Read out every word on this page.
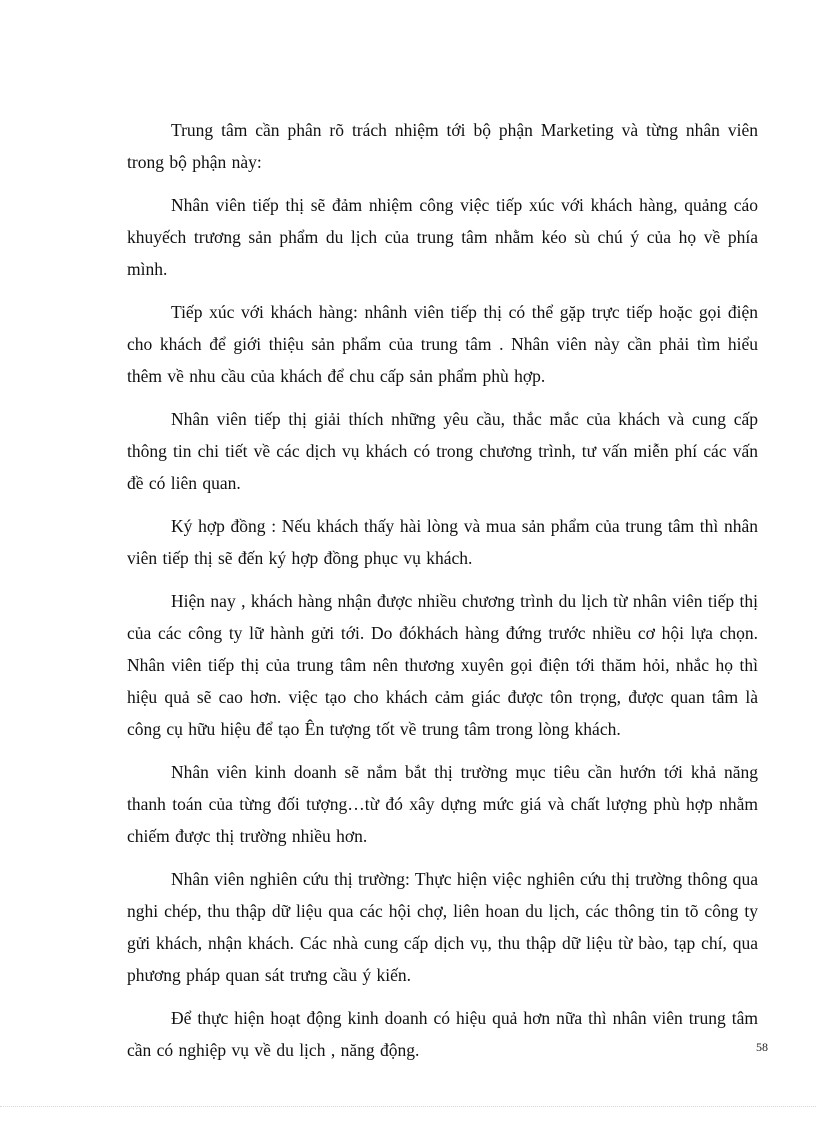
Trung tâm cần phân rõ trách nhiệm tới bộ phận Marketing và từng nhân viên trong bộ phận này:

Nhân viên tiếp thị sẽ đảm nhiệm công việc tiếp xúc với khách hàng, quảng cáo khuyếch trương sản phẩm du lịch của trung tâm nhằm kéo sù chú ý của họ về phía mình.

Tiếp xúc với khách hàng: nhânh viên tiếp thị có thể gặp trực tiếp hoặc gọi điện cho khách để giới thiệu sản phẩm của trung tâm . Nhân viên này cần phải tìm hiểu thêm về nhu cầu của khách để chu cấp sản phẩm phù hợp.

Nhân viên tiếp thị giải thích những yêu cầu, thắc mắc của khách và cung cấp thông tin chi tiết về các dịch vụ khách có trong chương trình, tư vấn miễn phí các vấn đề có liên quan.

Ký hợp đồng : Nếu khách thấy hài lòng và mua sản phẩm của trung tâm thì nhân viên tiếp thị sẽ đến ký hợp đồng phục vụ khách.

Hiện nay , khách hàng nhận được nhiều chương trình du lịch từ nhân viên tiếp thị của các công ty lữ hành gửi tới. Do đókhách hàng đứng trước nhiều cơ hội lựa chọn. Nhân viên tiếp thị của trung tâm nên thương xuyên gọi điện tới thăm hỏi, nhắc họ thì hiệu quả sẽ cao hơn. việc tạo cho khách cảm giác được tôn trọng, được quan tâm là công cụ hữu hiệu để tạo Ên tượng tốt về trung tâm trong lòng khách.

Nhân viên kinh doanh sẽ nắm bắt thị trường mục tiêu cần hướn tới khả năng thanh toán của từng đối tượng…từ đó xây dựng mức giá và chất lượng phù hợp nhằm chiếm được thị trường nhiều hơn.

Nhân viên nghiên cứu thị trường: Thực hiện việc nghiên cứu thị trường thông qua nghi chép, thu thập dữ liệu qua các hội chợ, liên hoan du lịch, các thông tin tõ công ty gửi khách, nhận khách. Các nhà cung cấp dịch vụ, thu thập dữ liệu từ bào, tạp chí, qua phương pháp quan sát trưng cầu ý kiến.

Để thực hiện hoạt động kinh doanh có hiệu quả hơn nữa thì nhân viên trung tâm cần có nghiệp vụ về du lịch , năng động.	58
